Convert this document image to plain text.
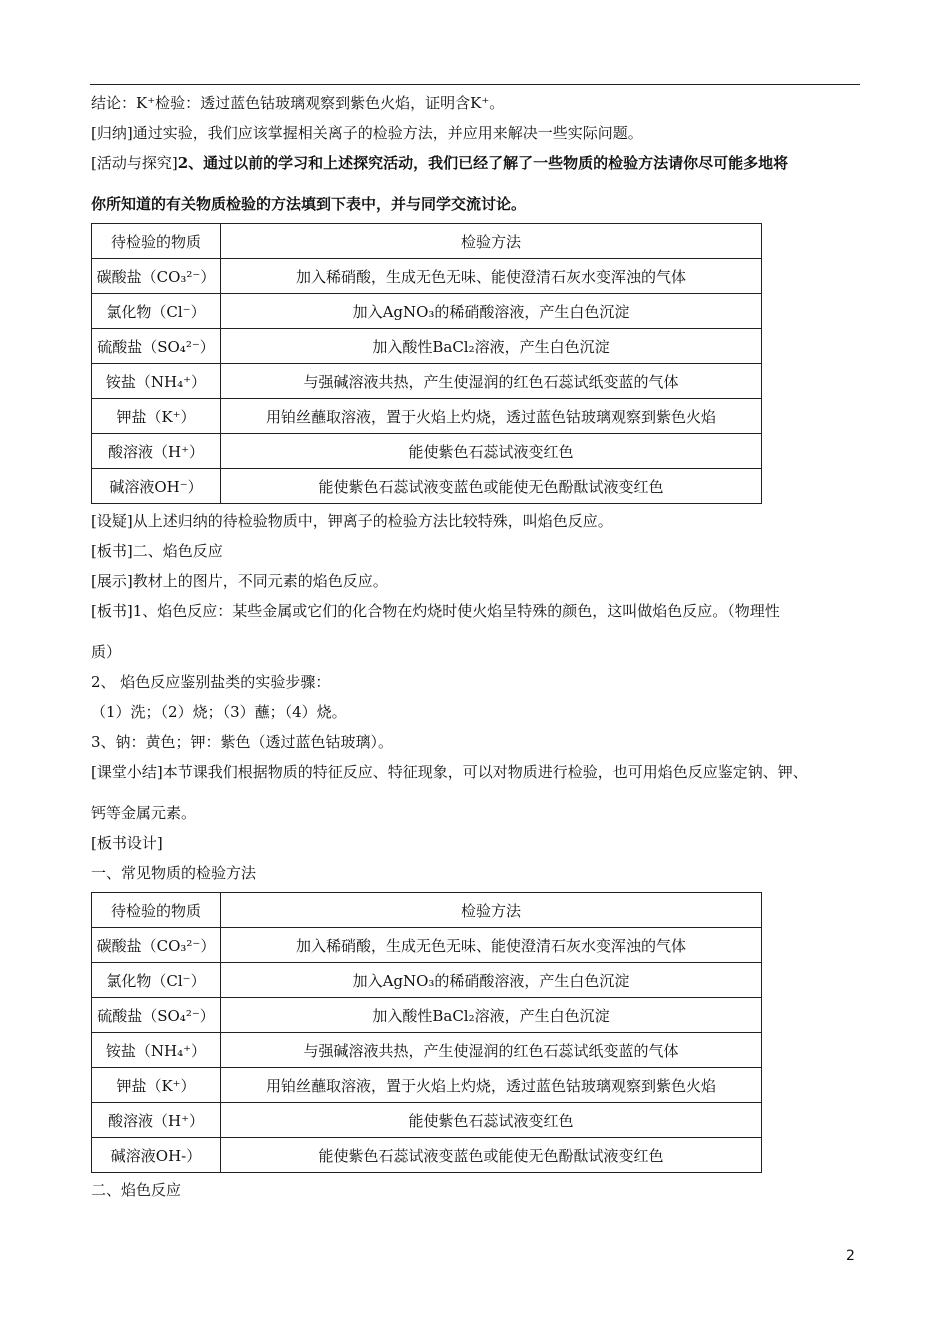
结论：K⁺检验：透过蓝色钴玻璃观察到紫色火焰，证明含K⁺。

[归纳]通过实验，我们应该掌握相关离子的检验方法，并应用来解决一些实际问题。

[活动与探究]2、通过以前的学习和上述探究活动，我们已经了解了一些物质的检验方法请你尽可能多地将

你所知道的有关物质检验的方法填到下表中，并与同学交流讨论。

待检验的物质	检验方法
碳酸盐（CO₃²⁻）	加入稀硝酸，生成无色无味、能使澄清石灰水变浑浊的气体
氯化物（Cl⁻）	加入AgNO₃的稀硝酸溶液，产生白色沉淀
硫酸盐（SO₄²⁻）	加入酸性BaCl₂溶液，产生白色沉淀
铵盐（NH₄⁺）	与强碱溶液共热，产生使湿润的红色石蕊试纸变蓝的气体
钾盐（K⁺）	用铂丝蘸取溶液，置于火焰上灼烧，透过蓝色钴玻璃观察到紫色火焰
酸溶液（H⁺）	能使紫色石蕊试液变红色
碱溶液OH⁻）	能使紫色石蕊试液变蓝色或能使无色酚酞试液变红色

[设疑]从上述归纳的待检验物质中，钾离子的检验方法比较特殊，叫焰色反应。

[板书]二、焰色反应

[展示]教材上的图片，不同元素的焰色反应。

[板书]1、焰色反应：某些金属或它们的化合物在灼烧时使火焰呈特殊的颜色，这叫做焰色反应。（物理性

质）

2、 焰色反应鉴别盐类的实验步骤：

（1）洗；（2）烧；（3）蘸；（4）烧。

3、钠：黄色；钾：紫色（透过蓝色钴玻璃）。

[课堂小结]本节课我们根据物质的特征反应、特征现象，可以对物质进行检验，也可用焰色反应鉴定钠、钾、

钙等金属元素。

[板书设计]

一、常见物质的检验方法

待检验的物质	检验方法
碳酸盐（CO₃²⁻）	加入稀硝酸，生成无色无味、能使澄清石灰水变浑浊的气体
氯化物（Cl⁻）	加入AgNO₃的稀硝酸溶液，产生白色沉淀
硫酸盐（SO₄²⁻）	加入酸性BaCl₂溶液，产生白色沉淀
铵盐（NH₄⁺）	与强碱溶液共热，产生使湿润的红色石蕊试纸变蓝的气体
钾盐（K⁺）	用铂丝蘸取溶液，置于火焰上灼烧，透过蓝色钴玻璃观察到紫色火焰
酸溶液（H⁺）	能使紫色石蕊试液变红色
碱溶液OH-）	能使紫色石蕊试液变蓝色或能使无色酚酞试液变红色

二、焰色反应

2
